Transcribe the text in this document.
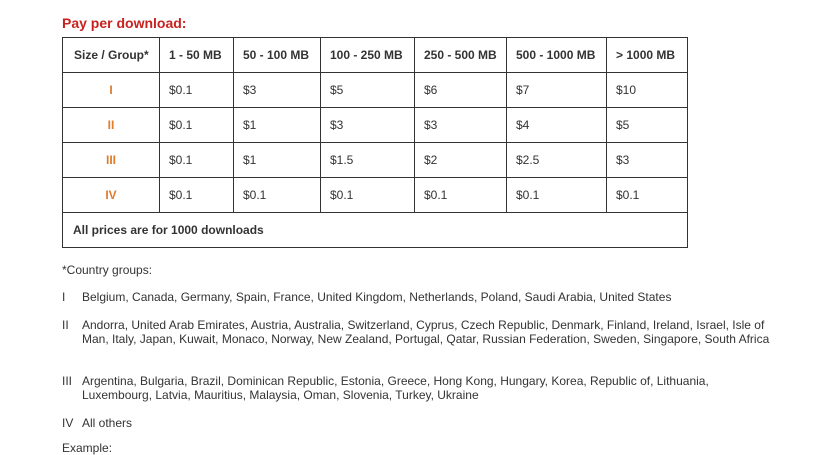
Pay per download:
Size / Group*	1 - 50 MB	50 - 100 MB	100 - 250 MB	250 - 500 MB	500 - 1000 MB	> 1000 MB
I	$0.1	$3	$5	$6	$7	$10
II	$0.1	$1	$3	$3	$4	$5
III	$0.1	$1	$1.5	$2	$2.5	$3
IV	$0.1	$0.1	$0.1	$0.1	$0.1	$0.1
All prices are for 1000 downloads						
*Country groups:
I Belgium, Canada, Germany, Spain, France, United Kingdom, Netherlands, Poland, Saudi Arabia, United States
II Andorra, United Arab Emirates, Austria, Australia, Switzerland, Cyprus, Czech Republic, Denmark, Finland, Ireland, Israel, Isle of Man, Italy, Japan, Kuwait, Monaco, Norway, New Zealand, Portugal, Qatar, Russian Federation, Sweden, Singapore, South Africa
III Argentina, Bulgaria, Brazil, Dominican Republic, Estonia, Greece, Hong Kong, Hungary, Korea, Republic of, Lithuania, Luxembourg, Latvia, Mauritius, Malaysia, Oman, Slovenia, Turkey, Ukraine
IV All others
Example:
